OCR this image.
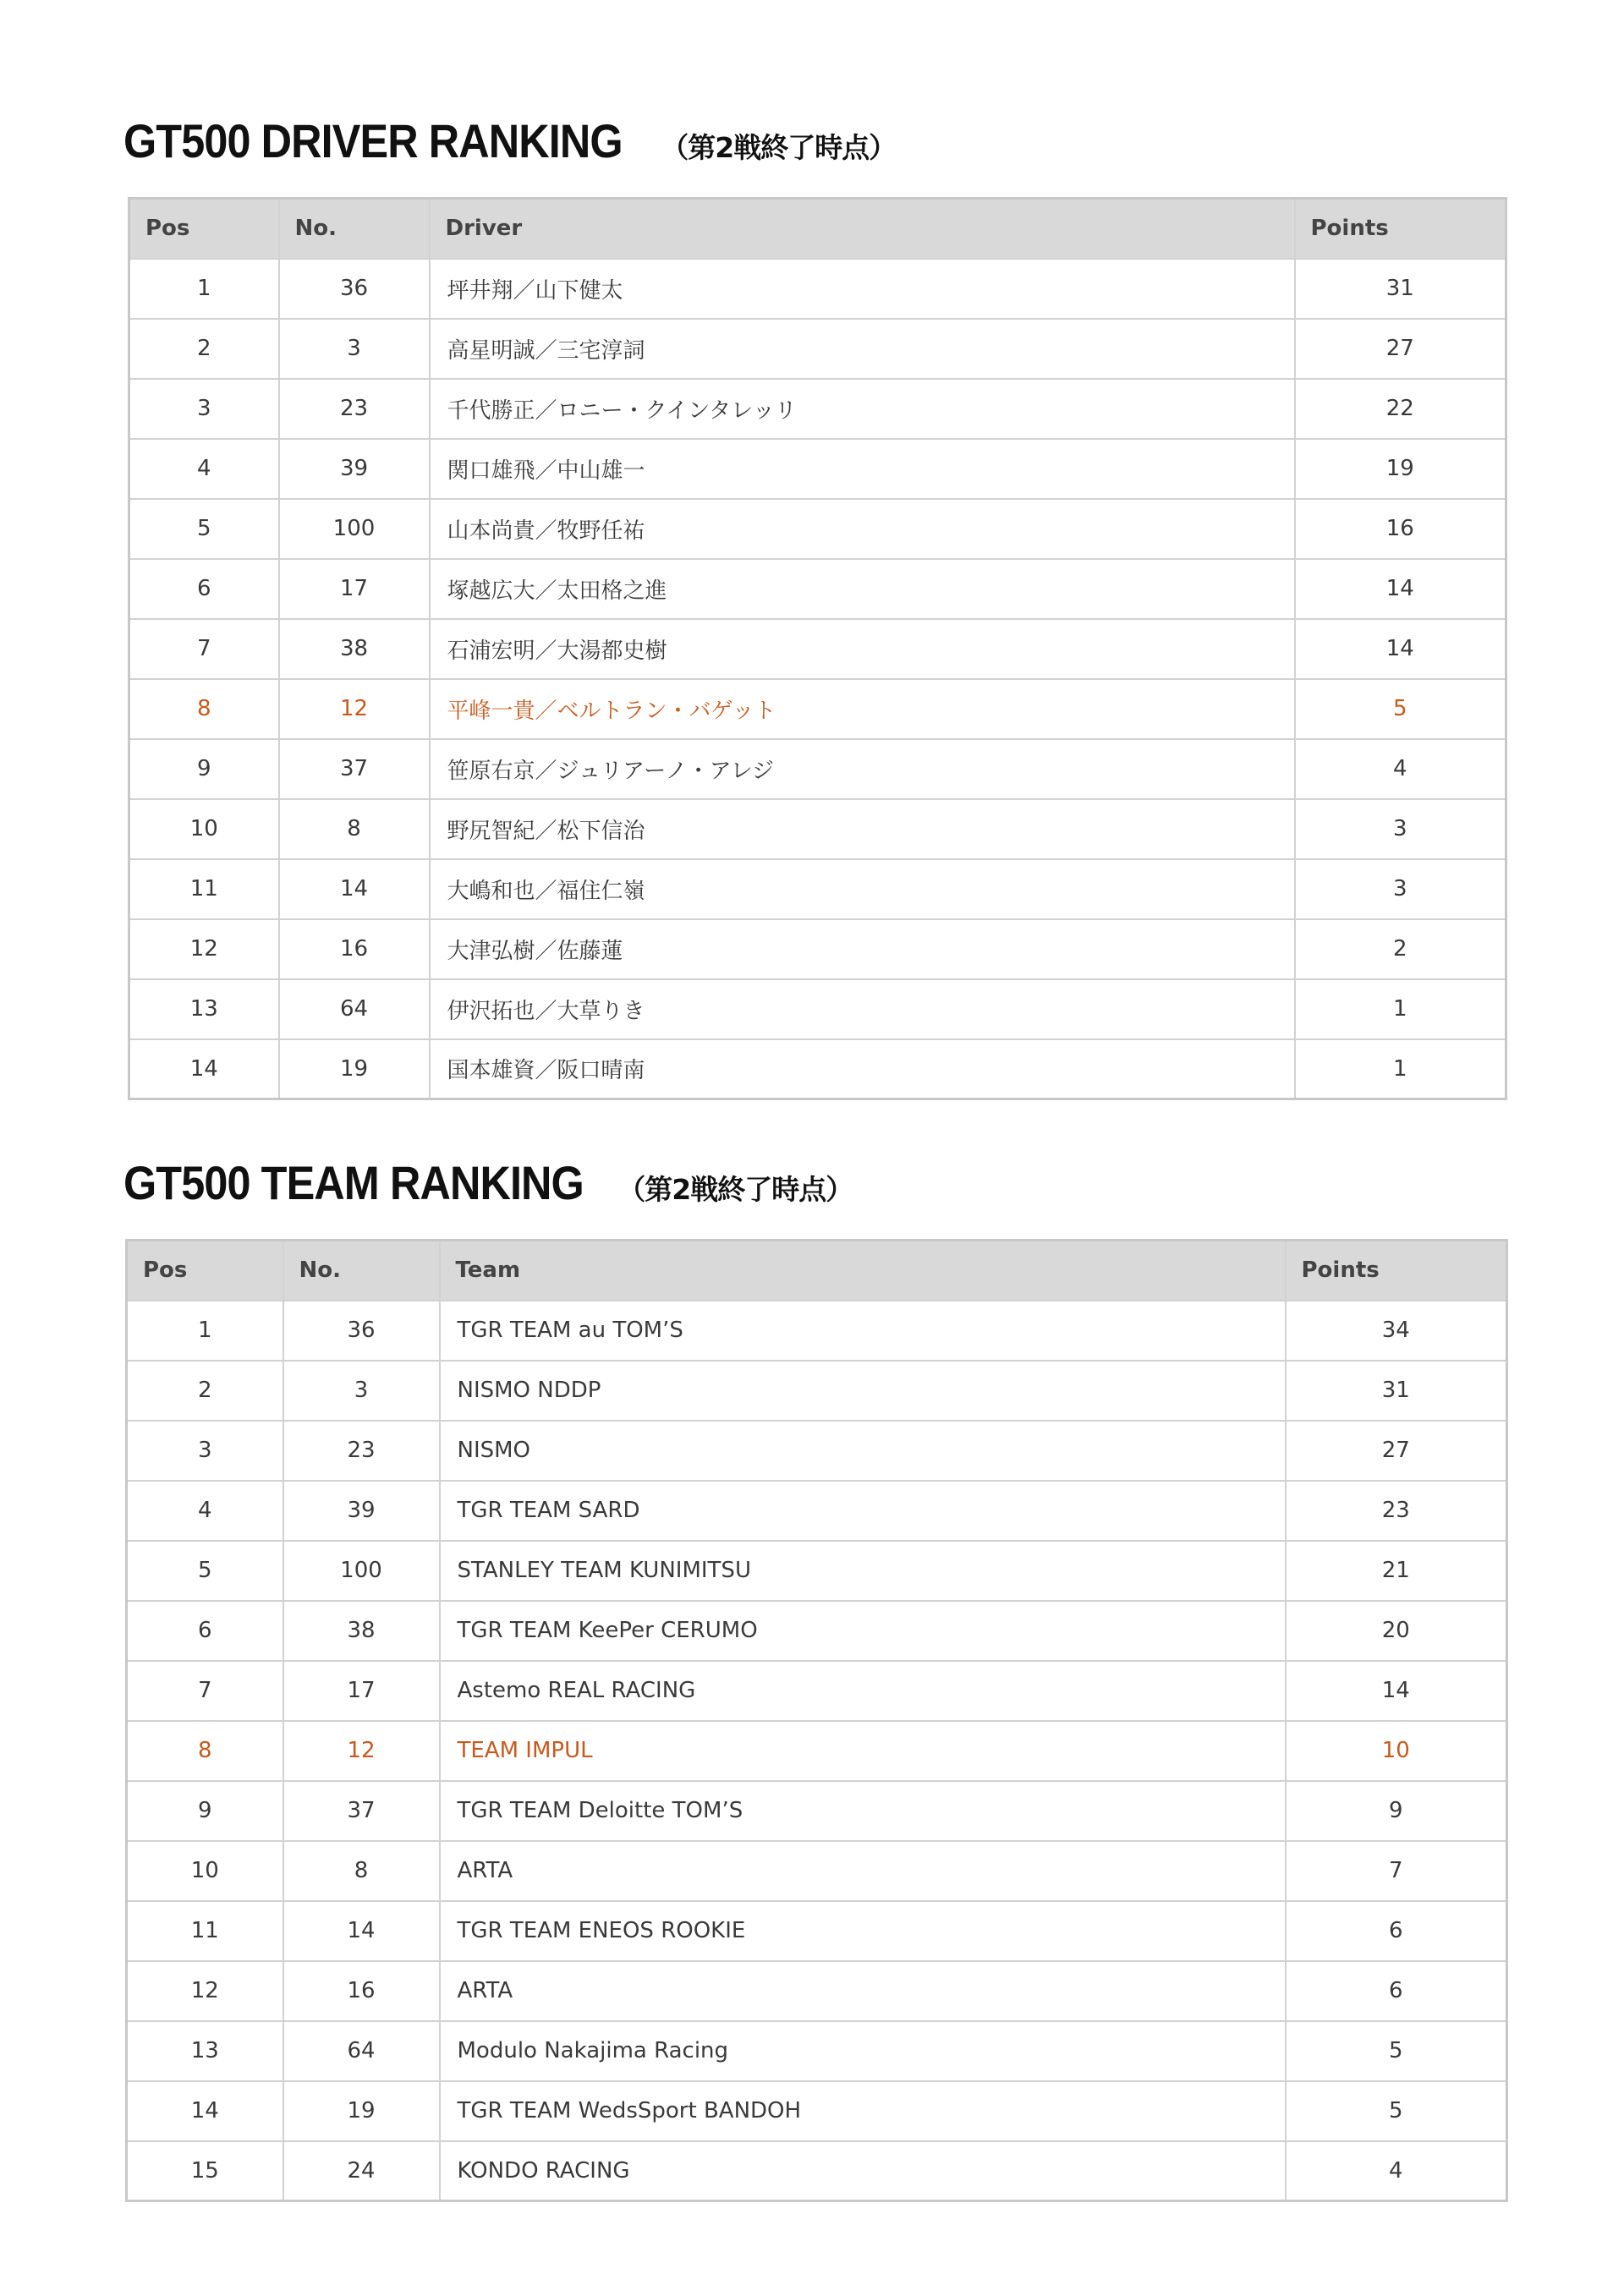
GT500 DRIVER RANKING （第2戦終了時点）
Pos	No.	Driver	Points
1	36	坪井翔／山下健太	31
2	3	高星明誠／三宅淳詞	27
3	23	千代勝正／ロニー・クインタレッリ	22
4	39	関口雄飛／中山雄一	19
5	100	山本尚貴／牧野任祐	16
6	17	塚越広大／太田格之進	14
7	38	石浦宏明／大湯都史樹	14
8	12	平峰一貴／ベルトラン・バゲット	5
9	37	笹原右京／ジュリアーノ・アレジ	4
10	8	野尻智紀／松下信治	3
11	14	大嶋和也／福住仁嶺	3
12	16	大津弘樹／佐藤蓮	2
13	64	伊沢拓也／大草りき	1
14	19	国本雄資／阪口晴南	1
GT500 TEAM RANKING （第2戦終了時点）
Pos	No.	Team	Points
1	36	TGR TEAM au TOM’S	34
2	3	NISMO NDDP	31
3	23	NISMO	27
4	39	TGR TEAM SARD	23
5	100	STANLEY TEAM KUNIMITSU	21
6	38	TGR TEAM KeePer CERUMO	20
7	17	Astemo REAL RACING	14
8	12	TEAM IMPUL	10
9	37	TGR TEAM Deloitte TOM’S	9
10	8	ARTA	7
11	14	TGR TEAM ENEOS ROOKIE	6
12	16	ARTA	6
13	64	Modulo Nakajima Racing	5
14	19	TGR TEAM WedsSport BANDOH	5
15	24	KONDO RACING	4
